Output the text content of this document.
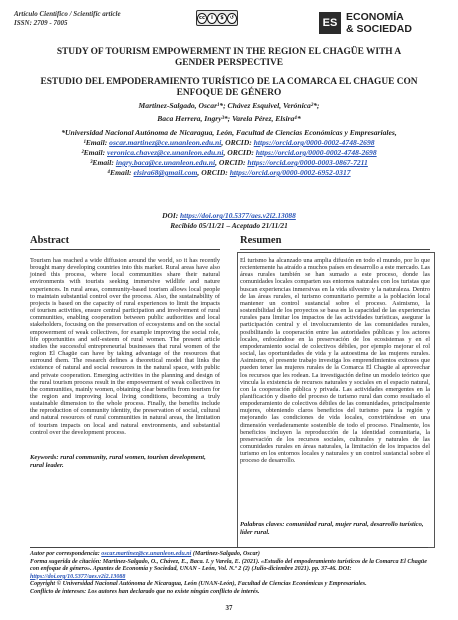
Artículo Científico / Scientific article
ISSN: 2709 - 7005
cc	i	$	↺	ES ECONOMÍA
& SOCIEDAD
STUDY OF TOURISM EMPOWERMENT IN THE REGION EL CHAGÜE WITH A GENDER PERSPECTIVE
ESTUDIO DEL EMPODERAMIENTO TURÍSTICO DE LA COMARCA EL CHAGUE CON ENFOQUE DE GÉNERO
Martinez-Salgado, Oscar¹*; Chávez Esquivel, Verónica²*;
Baca Herrera, Ingry³*; Varela Pérez, Elsira⁴*
*Universidad Nacional Autónoma de Nicaragua, León, Facultad de Ciencias Económicas y Empresariales,
¹Email: oscar.martinez@ce.unanleon.edu.ni, ORCID: https://orcid.org/0000-0002-4748-2698
²Email: veronica.chavez@ce.unanleon.edu.ni, ORCID: https://orcid.org/0000-0002-4748-2698
³Email: ingry.baca@ce.unanleon.edu.ni, ORCID: https://orcid.org/0000-0003-0867-7211
⁴Email: elsira68@gmail.com, ORCID: https://orcid.org/0000-0002-6952-0317
DOI: https://doi.org/10.5377/aes.v2i2.13088
Recibido 05/11/21 – Aceptado 21/11/21
Abstract
Tourism has reached a wide diffusion around the world, so it has recently brought many developing countries into this market. Rural areas have also joined this process, where local communities share their natural environments with tourists seeking immersive wildlife and nature experiences. In rural areas, community-based tourism allows local people to maintain substantial control over the process. Also, the sustainability of projects is based on the capacity of rural experiences to limit the impacts of tourism activities, ensure central participation and involvement of rural communities, enabling cooperation between public authorities and local stakeholders, focusing on the preservation of ecosystems and on the social empowerment of weak collectives, for example improving the social role, life opportunities and self-esteem of rural women. The present article studies the successful entrepreneurial businesses that rural women of the region El Chagüe can have by taking advantage of the resources that surround them. The research defines a theoretical model that links the existence of natural and social resources in the natural space, with public and private cooperation. Emerging activities in the planning and design of the rural tourism process result in the empowerment of weak collectives in the communities, mainly women, obtaining clear benefits from tourism for the region and improving local living conditions, becoming a truly sustainable dimension to the whole process. Finally, the benefits include the reproduction of community identity, the preservation of social, cultural and natural resources of rural communities in natural areas, the limitation of tourism impacts on local and natural environments, and substantial control over the development process.
Keywords: rural community, rural women, tourism development, rural leader.
Resumen
El turismo ha alcanzado una amplia difusión en todo el mundo, por lo que recientemente ha atraído a muchos países en desarrollo a este mercado. Las áreas rurales también se han sumado a este proceso, donde las comunidades locales comparten sus entornos naturales con los turistas que buscan experiencias inmersivas en la vida silvestre y la naturaleza. Dentro de las áreas rurales, el turismo comunitario permite a la población local mantener un control sustancial sobre el proceso. Asimismo, la sostenibilidad de los proyectos se basa en la capacidad de las experiencias rurales para limitar los impactos de las actividades turísticas, asegurar la participación central y el involucramiento de las comunidades rurales, posibilitando la cooperación entre las autoridades públicas y los actores locales, enfocándose en la preservación de los ecosistemas y en el empoderamiento social de colectivos débiles, por ejemplo mejorar el rol social, las oportunidades de vida y la autoestima de las mujeres rurales. Asimismo, el presente trabajo investiga los emprendimientos exitosos que pueden tener las mujeres rurales de la Comarca El Chagüe al aprovechar los recursos que les rodean. La investigación define un modelo teórico que vincula la existencia de recursos naturales y sociales en el espacio natural, con la cooperación pública y privada. Las actividades emergentes en la planificación y diseño del proceso de turismo rural dan como resultado el empoderamiento de colectivos débiles de las comunidades, principalmente mujeres, obteniendo claros beneficios del turismo para la región y mejorando las condiciones de vida locales, convirtiéndose en una dimensión verdaderamente sostenible de todo el proceso. Finalmente, los beneficios incluyen la reproducción de la identidad comunitaria, la preservación de los recursos sociales, culturales y naturales de las comunidades rurales en áreas naturales, la limitación de los impactos del turismo en los entornos locales y naturales y un control sustancial sobre el proceso de desarrollo.
Palabras claves: comunidad rural, mujer rural, desarrollo turístico, líder rural.

Autor por correspondencia: oscar.martinez@ce.unanleon.edu.ni (Martinez-Salgado, Oscar)

Forma sugerida de citación: Martinez-Salgado, O., Chávez, E., Baca. I. y Varela, E. (2021). «Estudio del empoderamiento turísticos de la Comarca El Chagüe con enfoque de género». Apuntes de Economía y Sociedad, UNAN - León, Vol. N.º 2 (2) (Julio-diciembre 2021). pp. 37-46. DOI: https://doi.org/10.5377/aes.v2i2.13088

Copyright © Universidad Nacional Autónoma de Nicaragua, León (UNAN-León), Facultad de Ciencias Económicas y Empresariales.

Conflicto de intereses: Los autores han declarado que no existe ningún conflicto de interés.

37
